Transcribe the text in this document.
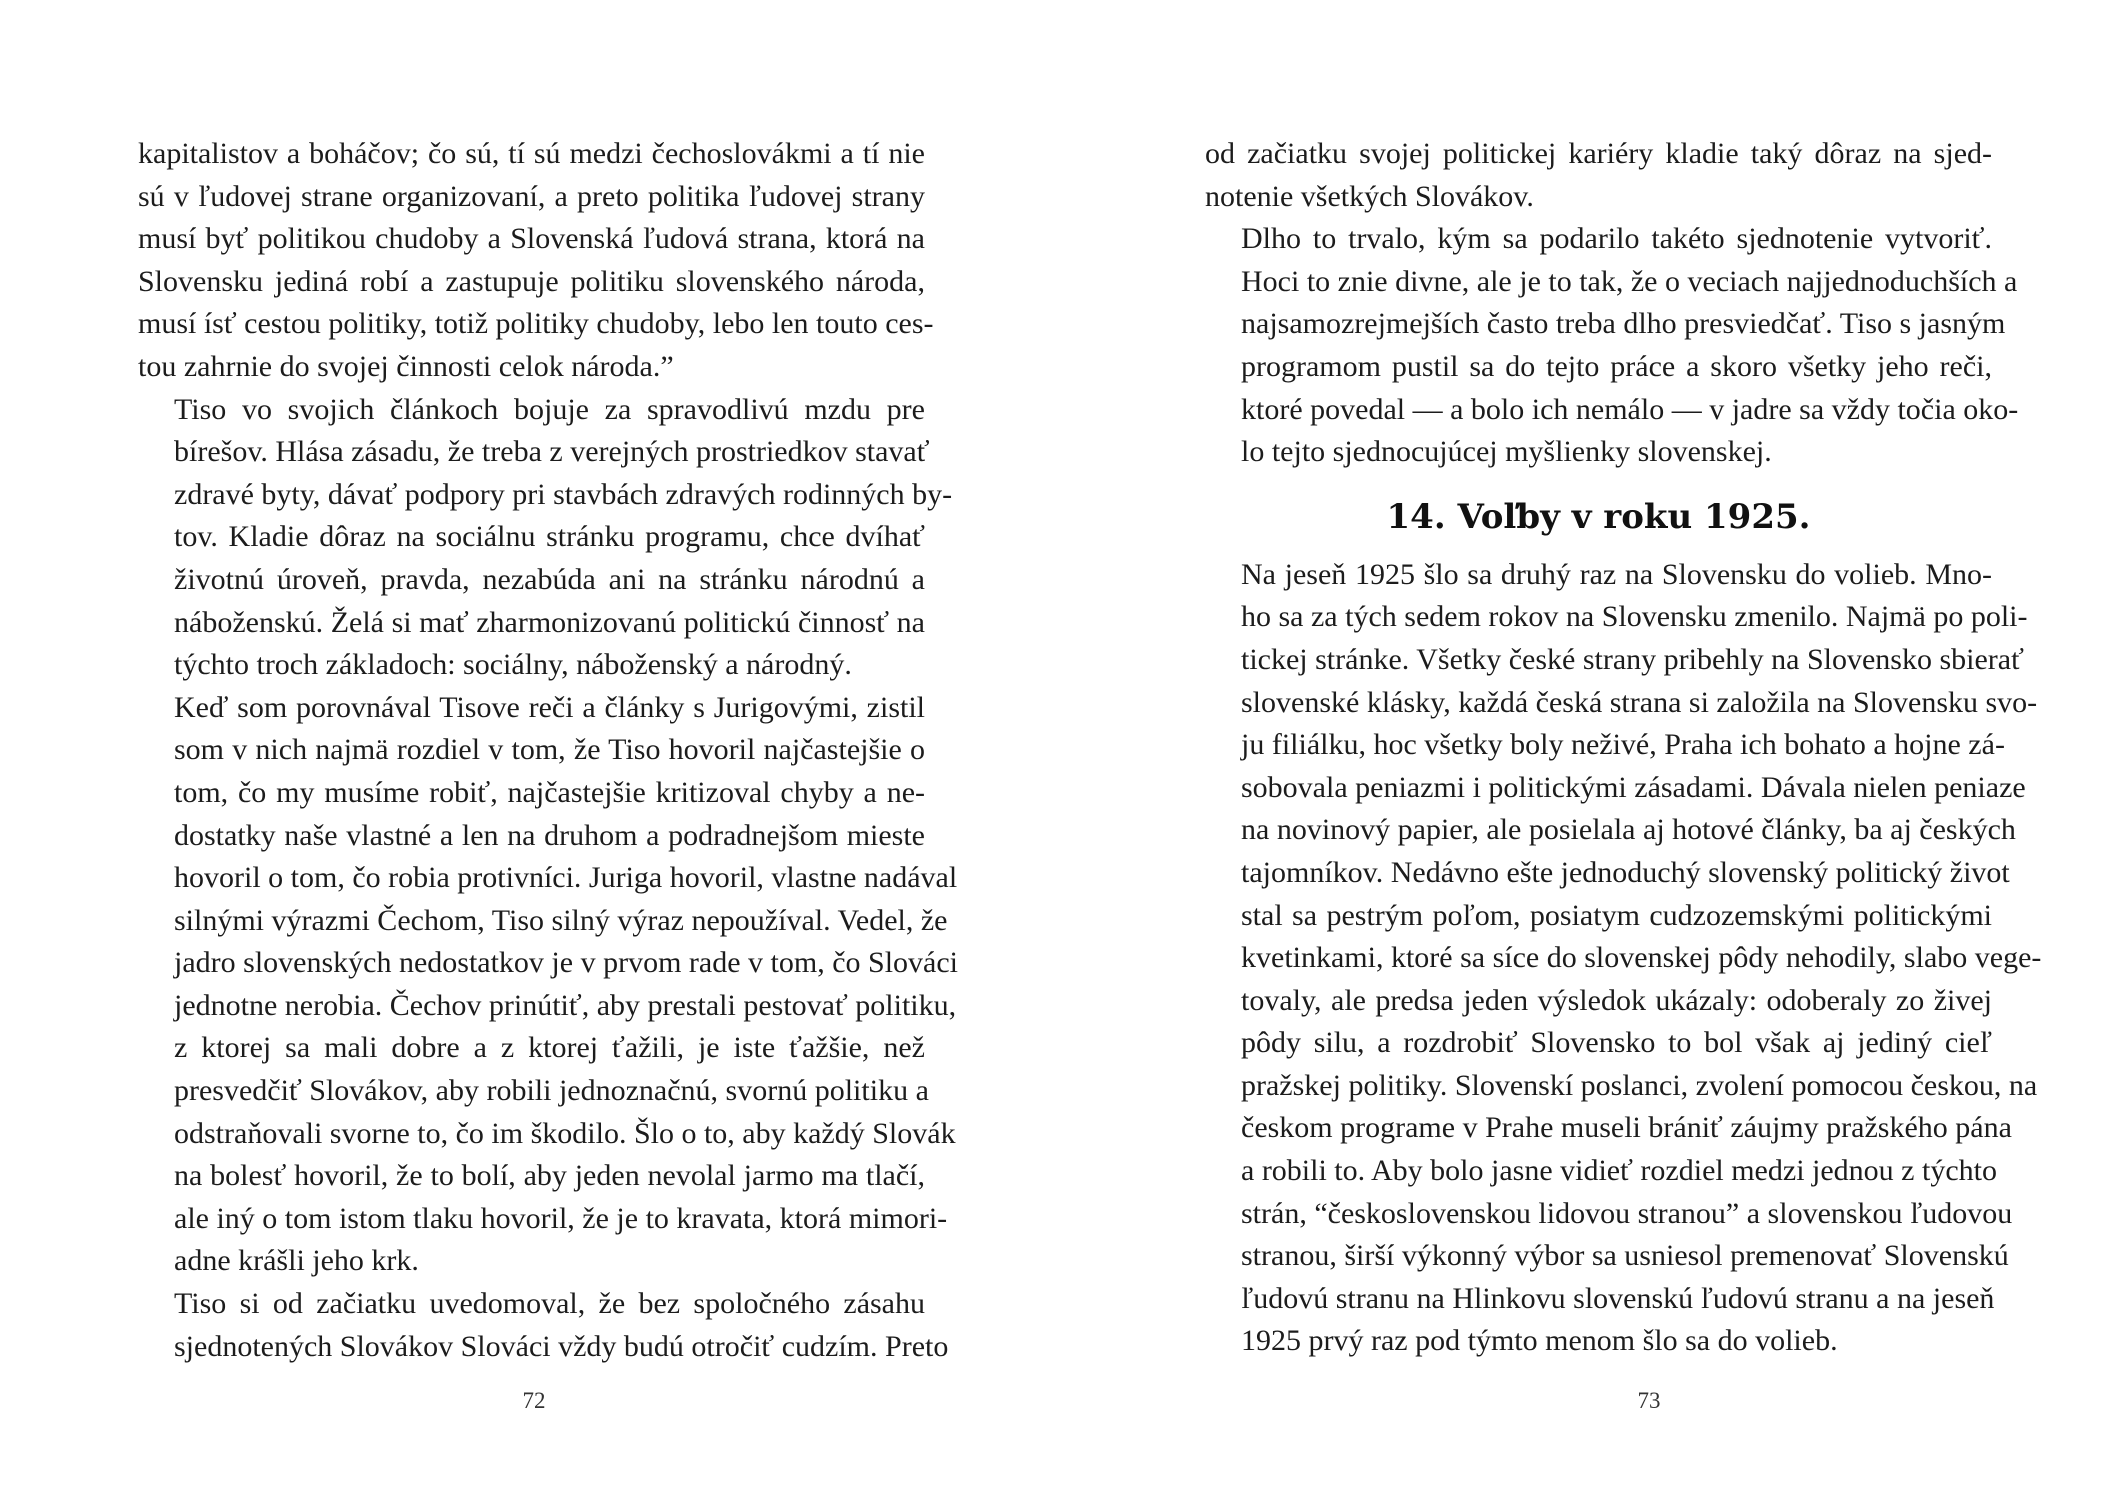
kapitalistov a boháčov; čo sú, tí sú medzi čechoslovákmi a tí nie
sú v ľudovej strane organizovaní, a preto politika ľudovej strany
musí byť politikou chudoby a Slovenská ľudová strana, ktorá na
Slovensku jediná robí a zastupuje politiku slovenského národa,
musí ísť cestou politiky, totiž politiky chudoby, lebo len touto ces-
tou zahrnie do svojej činnosti celok národa.”

Tiso vo svojich článkoch bojuje za spravodlivú mzdu pre
bírešov. Hlása zásadu, že treba z verejných prostriedkov stavať
zdravé byty, dávať podpory pri stavbách zdravých rodinných by-
tov. Kladie dôraz na sociálnu stránku programu, chce dvíhať
životnú úroveň, pravda, nezabúda ani na stránku národnú a
náboženskú. Želá si mať zharmonizovanú politickú činnosť na
týchto troch základoch: sociálny, náboženský a národný.

Keď som porovnával Tisove reči a články s Jurigovými, zistil
som v nich najmä rozdiel v tom, že Tiso hovoril najčastejšie o
tom, čo my musíme robiť, najčastejšie kritizoval chyby a ne-
dostatky naše vlastné a len na druhom a podradnejšom mieste
hovoril o tom, čo robia protivníci. Juriga hovoril, vlastne nadával
silnými výrazmi Čechom, Tiso silný výraz nepoužíval. Vedel, že
jadro slovenských nedostatkov je v prvom rade v tom, čo Slováci
jednotne nerobia. Čechov prinútiť, aby prestali pestovať politiku,
z ktorej sa mali dobre a z ktorej ťažili, je iste ťažšie, než
presvedčiť Slovákov, aby robili jednoznačnú, svornú politiku a
odstraňovali svorne to, čo im škodilo. Šlo o to, aby každý Slovák
na bolesť hovoril, že to bolí, aby jeden nevolal jarmo ma tlačí,
ale iný o tom istom tlaku hovoril, že je to kravata, ktorá mimori-
adne krášli jeho krk.

Tiso si od začiatku uvedomoval, že bez spoločného zásahu
sjednotených Slovákov Slováci vždy budú otročiť cudzím. Preto

72

od začiatku svojej politickej kariéry kladie taký dôraz na sjed-
notenie všetkých Slovákov.

Dlho to trvalo, kým sa podarilo takéto sjednotenie vytvoriť.
Hoci to znie divne, ale je to tak, že o veciach najjednoduchších a
najsamozrejmejších často treba dlho presviedčať. Tiso s jasným
programom pustil sa do tejto práce a skoro všetky jeho reči,
ktoré povedal — a bolo ich nemálo — v jadre sa vždy točia oko-
lo tejto sjednocujúcej myšlienky slovenskej.

14. Voľby v roku 1925.

Na jeseň 1925 šlo sa druhý raz na Slovensku do volieb. Mno-
ho sa za tých sedem rokov na Slovensku zmenilo. Najmä po poli-
tickej stránke. Všetky české strany pribehly na Slovensko sbierať
slovenské klásky, každá česká strana si založila na Slovensku svo-
ju filiálku, hoc všetky boly neživé, Praha ich bohato a hojne zá-
sobovala peniazmi i politickými zásadami. Dávala nielen peniaze
na novinový papier, ale posielala aj hotové články, ba aj českých
tajomníkov. Nedávno ešte jednoduchý slovenský politický život
stal sa pestrým poľom, posiatym cudzozemskými politickými
kvetinkami, ktoré sa síce do slovenskej pôdy nehodily, slabo vege-
tovaly, ale predsa jeden výsledok ukázaly: odoberaly zo živej
pôdy silu, a rozdrobiť Slovensko to bol však aj jediný cieľ
pražskej politiky. Slovenskí poslanci, zvolení pomocou českou, na
českom programe v Prahe museli brániť záujmy pražského pána
a robili to. Aby bolo jasne vidieť rozdiel medzi jednou z týchto
strán, “československou lidovou stranou” a slovenskou ľudovou
stranou, širší výkonný výbor sa usniesol premenovať Slovenskú
ľudovú stranu na Hlinkovu slovenskú ľudovú stranu a na jeseň
1925 prvý raz pod týmto menom šlo sa do volieb.

73
